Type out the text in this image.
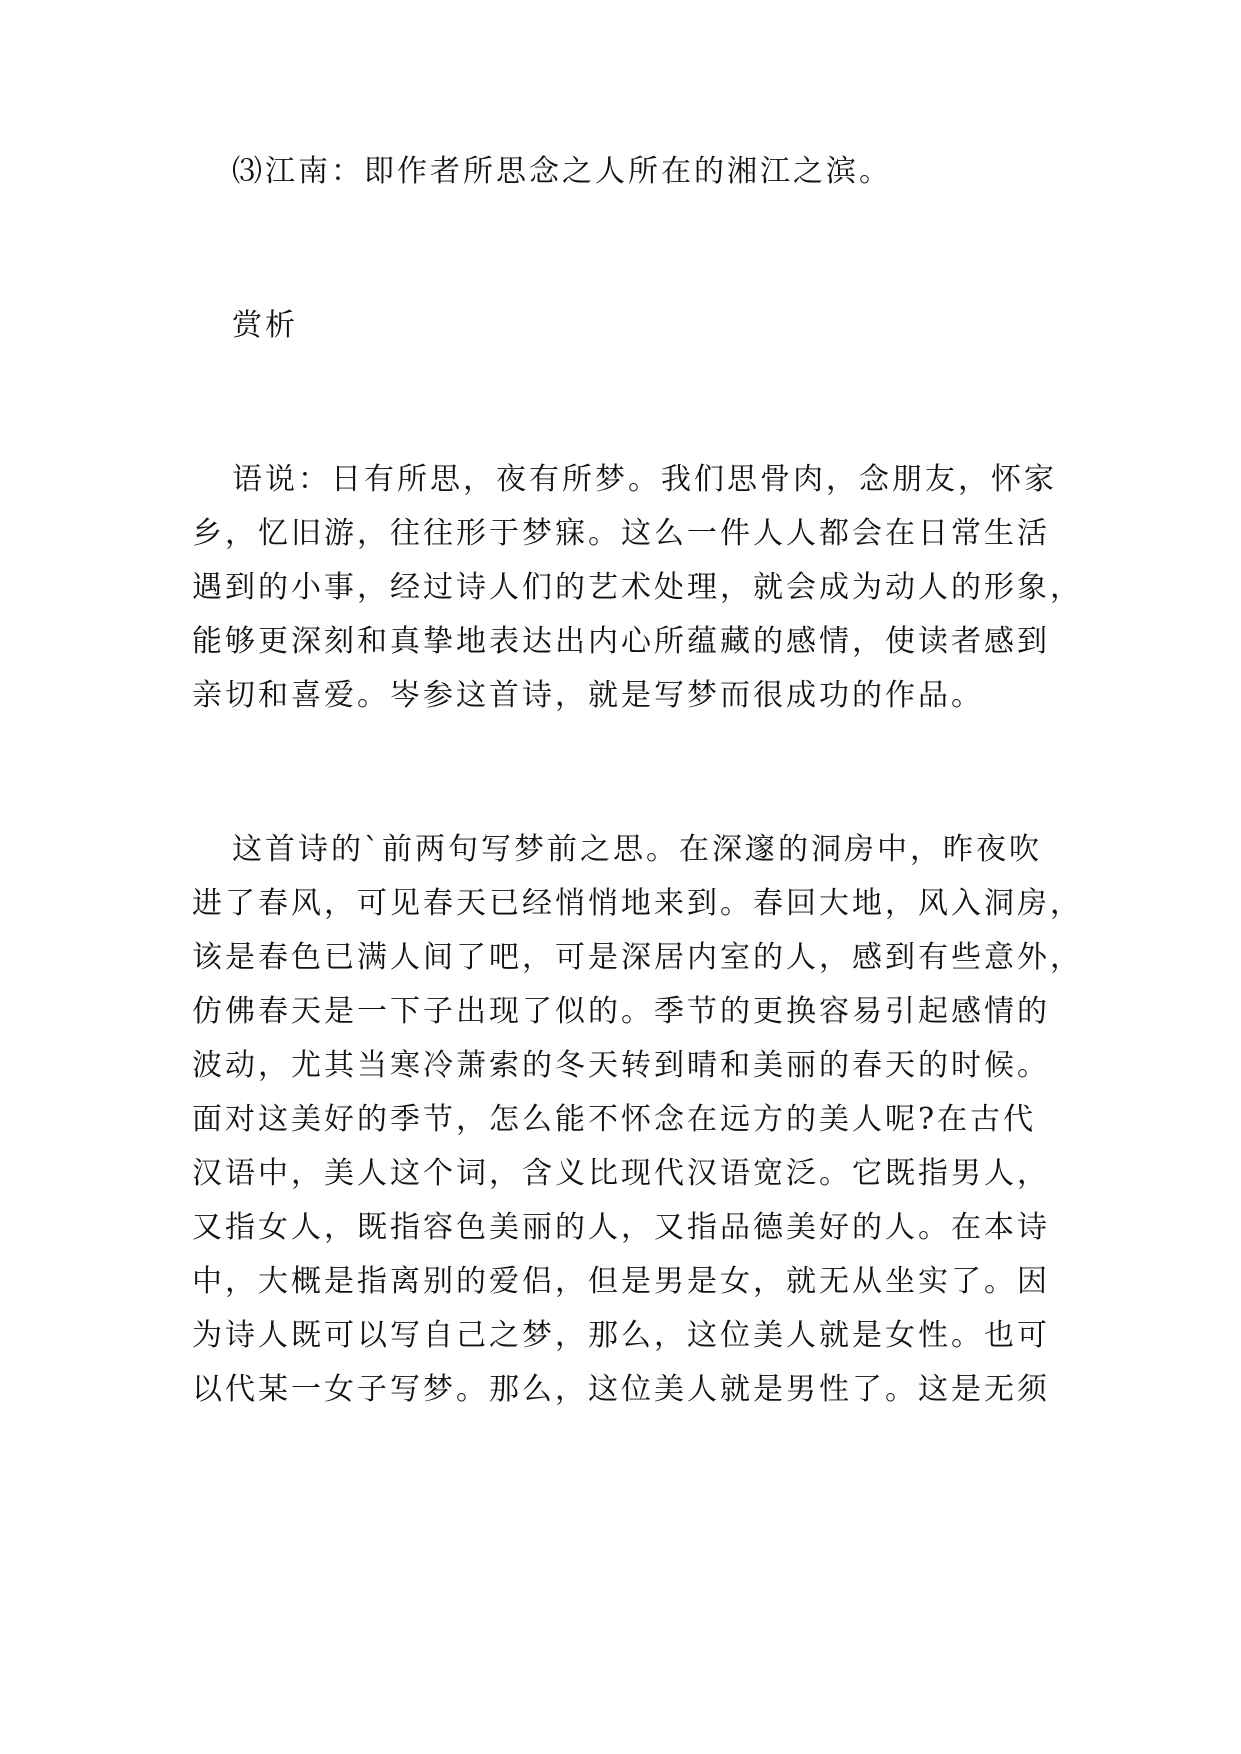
⑶江南：即作者所思念之人所在的湘江之滨。
赏析
语说：日有所思，夜有所梦。我们思骨肉，念朋友，怀家
乡，忆旧游，往往形于梦寐。这么一件人人都会在日常生活
遇到的小事，经过诗人们的艺术处理，就会成为动人的形象，
能够更深刻和真挚地表达出内心所蕴藏的感情，使读者感到
亲切和喜爱。岑参这首诗，就是写梦而很成功的作品。
这首诗的`前两句写梦前之思。在深邃的洞房中，昨夜吹
进了春风，可见春天已经悄悄地来到。春回大地，风入洞房，
该是春色已满人间了吧，可是深居内室的人，感到有些意外，
仿佛春天是一下子出现了似的。季节的更换容易引起感情的
波动，尤其当寒冷萧索的冬天转到晴和美丽的春天的时候。
面对这美好的季节，怎么能不怀念在远方的美人呢?在古代
汉语中，美人这个词，含义比现代汉语宽泛。它既指男人，
又指女人，既指容色美丽的人，又指品德美好的人。在本诗
中，大概是指离别的爱侣，但是男是女，就无从坐实了。因
为诗人既可以写自己之梦，那么，这位美人就是女性。也可
以代某一女子写梦。那么，这位美人就是男性了。这是无须
